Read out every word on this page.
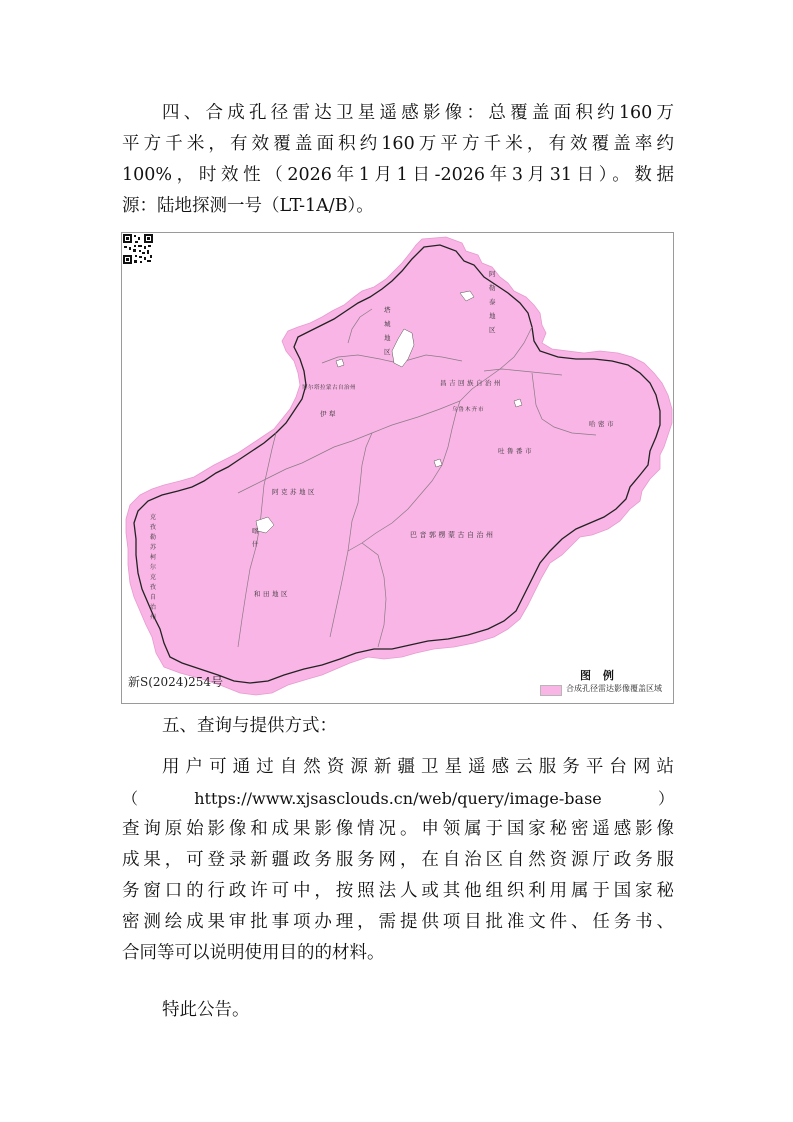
四、合成孔径雷达卫星遥感影像：总覆盖面积约160万
平方千米，有效覆盖面积约160万平方千米，有效覆盖率约
100%，时效性（2026年1月1日-2026年3月31日）。数据
源：陆地探测一号（LT-1A/B）。
巴音郭楞蒙古自治州
和田地区
阿克苏地区
哈密市
吐鲁番市
昌吉回族自治州
乌鲁木齐市
博尔塔拉蒙古自治州
伊犁
喀什
克孜勒苏柯尔克孜自治州
塔城地区
阿勒泰地区
新S(2024)254号	图 例
合成孔径雷达影像覆盖区域
五、查询与提供方式：
用户可通过自然资源新疆卫星遥感云服务平台网站
（https://www.xjsasclouds.cn/web/query/image-base）
查询原始影像和成果影像情况。申领属于国家秘密遥感影像
成果，可登录新疆政务服务网，在自治区自然资源厅政务服
务窗口的行政许可中，按照法人或其他组织利用属于国家秘
密测绘成果审批事项办理，需提供项目批准文件、任务书、
合同等可以说明使用目的的材料。
特此公告。
